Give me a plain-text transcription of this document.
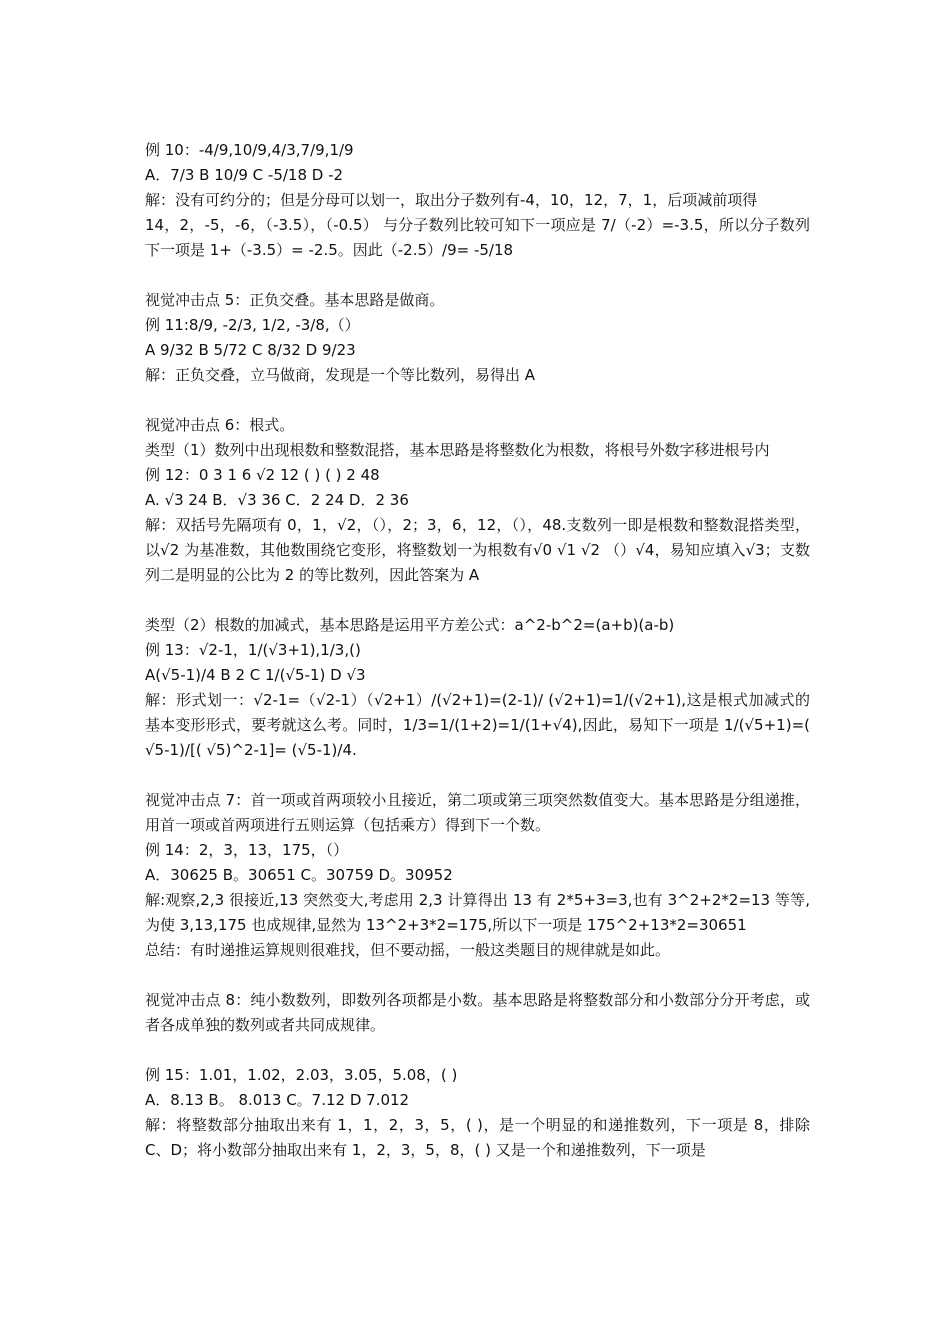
例 10：-4/9,10/9,4/3,7/9,1/9
A．7/3 B 10/9 C -5/18 D -2
解：没有可约分的；但是分母可以划一，取出分子数列有-4，10，12，7，1，后项减前项得
14，2，-5，-6，（-3.5），（-0.5） 与分子数列比较可知下一项应是 7/（-2）=-3.5，所以分子数列下一项是 1+（-3.5）= -2.5。因此（-2.5）/9= -5/18
视觉冲击点 5：正负交叠。基本思路是做商。
例 11:8/9, -2/3, 1/2, -3/8,（）
A 9/32 B 5/72 C 8/32 D 9/23
解：正负交叠，立马做商，发现是一个等比数列，易得出 A
视觉冲击点 6：根式。
类型（1）数列中出现根数和整数混搭，基本思路是将整数化为根数，将根号外数字移进根号内
例 12：0 3 1 6 √2 12 ( ) ( ) 2 48
A. √3 24 B．√3 36 C．2 24 D．2 36
解：双括号先隔项有 0，1，√2，（），2；3，6，12，（），48.支数列一即是根数和整数混搭类型，以√2 为基准数，其他数围绕它变形，将整数划一为根数有√0 √1 √2 （）√4，易知应填入√3；支数列二是明显的公比为 2 的等比数列，因此答案为 A
类型（2）根数的加减式，基本思路是运用平方差公式：a^2-b^2=(a+b)(a-b)
例 13：√2-1，1/(√3+1),1/3,()
A(√5-1)/4 B 2 C 1/(√5-1) D √3
解：形式划一：√2-1=（√2-1）（√2+1）/(√2+1)=(2-1)/ (√2+1)=1/(√2+1),这是根式加减式的基本变形形式，要考就这么考。同时，1/3=1/(1+2)=1/(1+√4),因此，易知下一项是 1/(√5+1)=( √5-1)/[( √5)^2-1]= (√5-1)/4.
视觉冲击点 7：首一项或首两项较小且接近，第二项或第三项突然数值变大。基本思路是分组递推，用首一项或首两项进行五则运算（包括乘方）得到下一个数。
例 14：2，3，13，175，（）
A．30625 B。30651 C。30759 D。30952
解:观察,2,3 很接近,13 突然变大,考虑用 2,3 计算得出 13 有 2*5+3=3,也有 3^2+2*2=13 等等,为使 3,13,175 也成规律,显然为 13^2+3*2=175,所以下一项是 175^2+13*2=30651
总结：有时递推运算规则很难找，但不要动摇，一般这类题目的规律就是如此。
视觉冲击点 8：纯小数数列，即数列各项都是小数。基本思路是将整数部分和小数部分分开考虑，或者各成单独的数列或者共同成规律。
例 15：1.01，1.02，2.03，3.05，5.08，( )
A．8.13 B。 8.013 C。7.12 D 7.012
解：将整数部分抽取出来有 1，1，2，3，5，( )，是一个明显的和递推数列，下一项是 8，排除 C、D；将小数部分抽取出来有 1，2，3，5，8，( ) 又是一个和递推数列，下一项是
